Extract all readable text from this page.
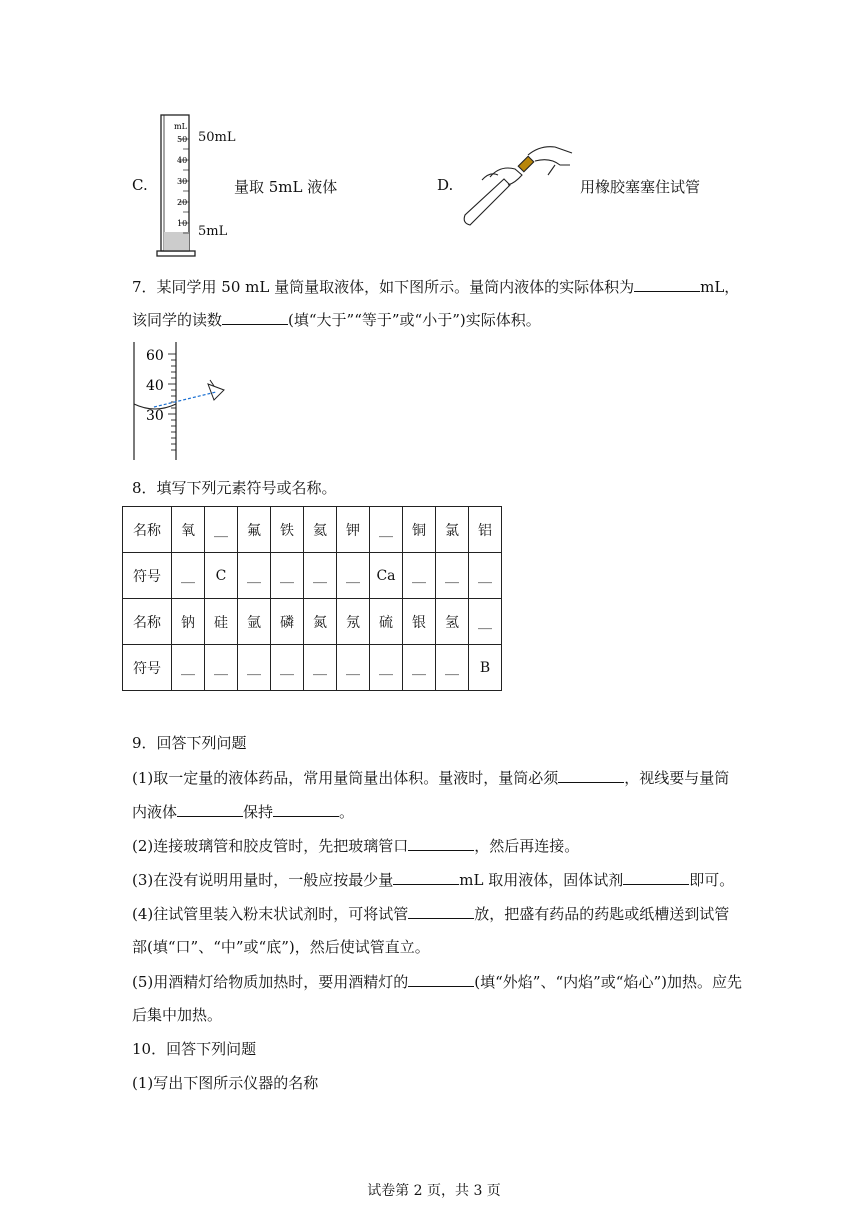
C.
mL
50
40
30
20
10
50mL
5mL
量取 5mL 液体	D.	用橡胶塞塞住试管
7．某同学用 50 mL 量筒量取液体，如下图所示。量筒内液体的实际体积为	mL，
该同学的读数	(填“大于”“等于”或“小于”)实际体积。
60
40
30
8．填写下列元素符号或名称。
名称	氧	__	氟	铁	氦	钾	__	铜	氯	铝
符号	__	C	__	__	__	__	Ca	__	__	__
名称	钠	硅	氩	磷	氮	氖	硫	银	氢	__
符号	__	__	__	__	__	__	__	__	__	B
9．回答下列问题
(1)取一定量的液体药品，常用量筒量出体积。量液时，量筒必须	，视线要与量筒
内液体	保持	。
(2)连接玻璃管和胶皮管时，先把玻璃管口	，然后再连接。
(3)在没有说明用量时，一般应按最少量	mL 取用液体，固体试剂	即可。
(4)往试管里装入粉末状试剂时，可将试管	放，把盛有药品的药匙或纸槽送到试管
部(填“口”、“中”或“底”)，然后使试管直立。
(5)用酒精灯给物质加热时，要用酒精灯的	(填“外焰”、“内焰”或“焰心”)加热。应先
后集中加热。
10．回答下列问题
(1)写出下图所示仪器的名称
试卷第 2 页，共 3 页
